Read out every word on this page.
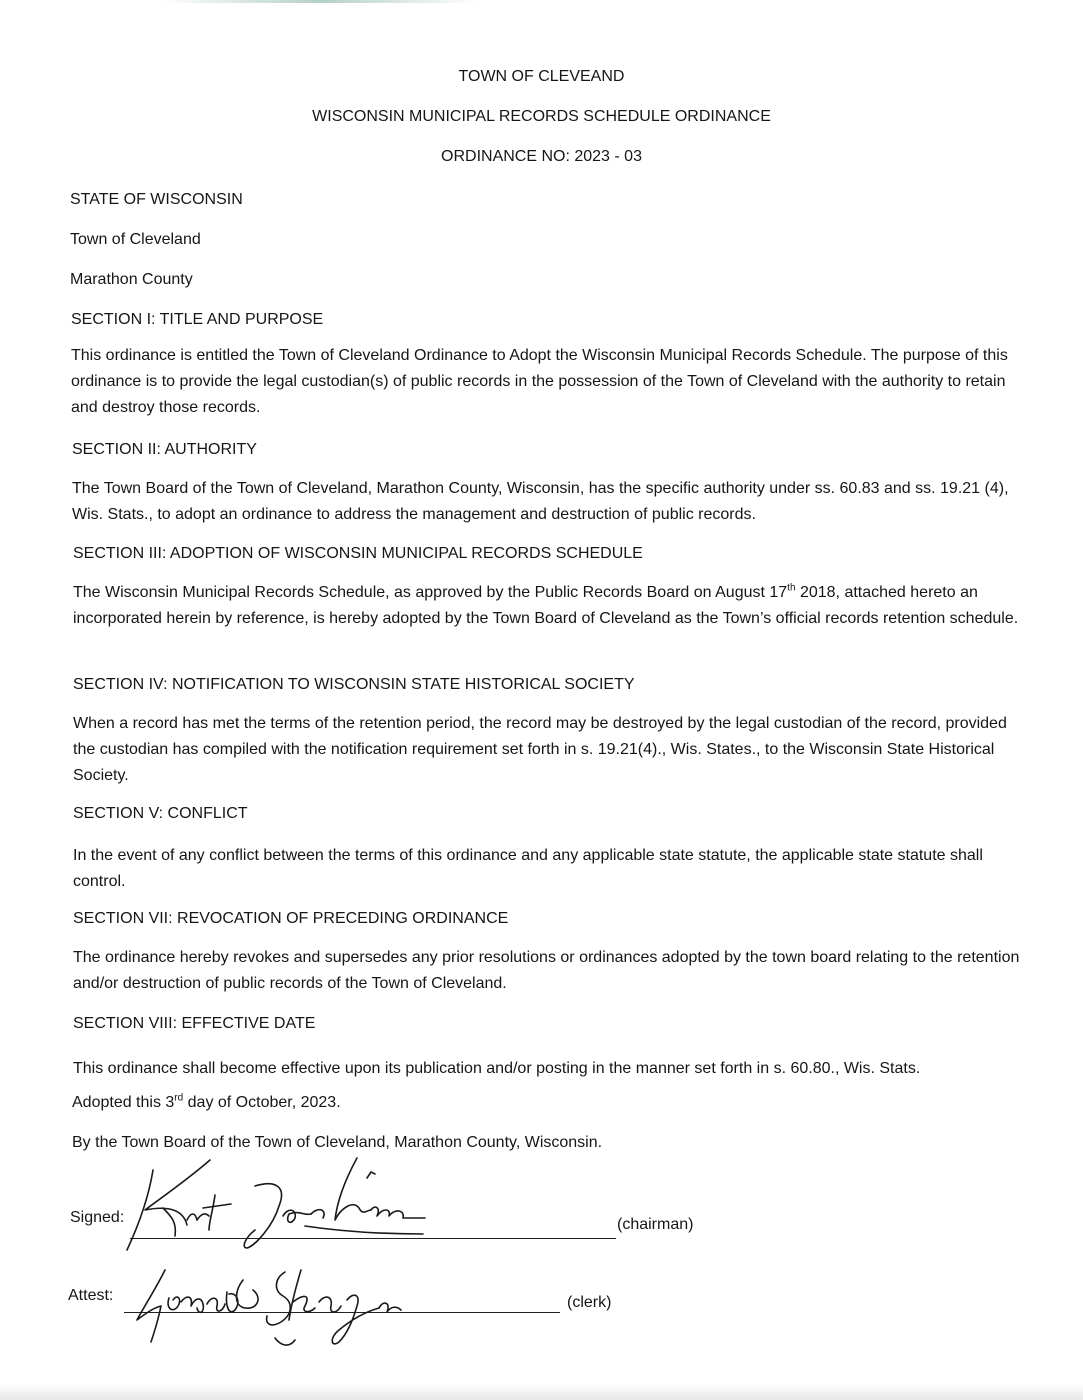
TOWN OF CLEVEAND

WISCONSIN MUNICIPAL RECORDS SCHEDULE ORDINANCE

ORDINANCE NO: 2023 - 03

STATE OF WISCONSIN

Town of Cleveland

Marathon County

SECTION I: TITLE AND PURPOSE

This ordinance is entitled the Town of Cleveland Ordinance to Adopt the Wisconsin Municipal Records Schedule. The purpose of this ordinance is to provide the legal custodian(s) of public records in the possession of the Town of Cleveland with the authority to retain and destroy those records.

SECTION II: AUTHORITY

The Town Board of the Town of Cleveland, Marathon County, Wisconsin, has the specific authority under ss. 60.83 and ss. 19.21 (4), Wis. Stats., to adopt an ordinance to address the management and destruction of public records.

SECTION III: ADOPTION OF WISCONSIN MUNICIPAL RECORDS SCHEDULE

The Wisconsin Municipal Records Schedule, as approved by the Public Records Board on August 17th 2018, attached hereto an incorporated herein by reference, is hereby adopted by the Town Board of Cleveland as the Town’s official records retention schedule.

SECTION IV: NOTIFICATION TO WISCONSIN STATE HISTORICAL SOCIETY

When a record has met the terms of the retention period, the record may be destroyed by the legal custodian of the record, provided the custodian has compiled with the notification requirement set forth in s. 19.21(4)., Wis. States., to the Wisconsin State Historical Society.

SECTION V: CONFLICT

In the event of any conflict between the terms of this ordinance and any applicable state statute, the applicable state statute shall control.

SECTION VII: REVOCATION OF PRECEDING ORDINANCE

The ordinance hereby revokes and supersedes any prior resolutions or ordinances adopted by the town board relating to the retention and/or destruction of public records of the Town of Cleveland.

SECTION VIII: EFFECTIVE DATE

This ordinance shall become effective upon its publication and/or posting in the manner set forth in s. 60.80., Wis. Stats.

Adopted this 3rd day of October, 2023.

By the Town Board of the Town of Cleveland, Marathon County, Wisconsin.

Signed:	(chairman)

Attest:	(clerk)
